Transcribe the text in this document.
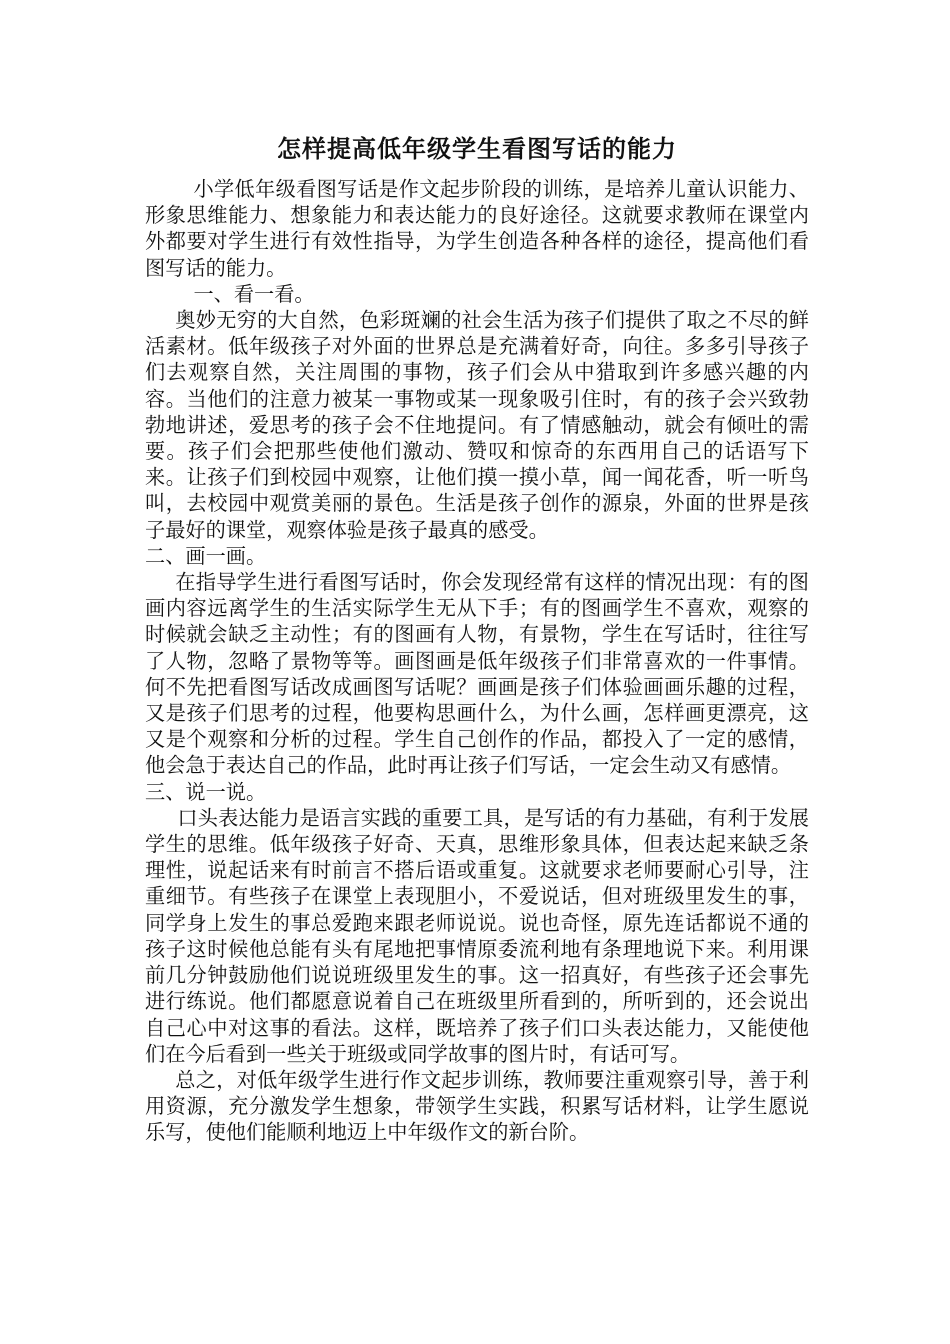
怎样提高低年级学生看图写话的能力

小学低年级看图写话是作文起步阶段的训练，是培养儿童认识能力、形象思维能力、想象能力和表达能力的良好途径。这就要求教师在课堂内外都要对学生进行有效性指导，为学生创造各种各样的途径，提高他们看图写话的能力。

一、看一看。

奥妙无穷的大自然，色彩斑斓的社会生活为孩子们提供了取之不尽的鲜活素材。低年级孩子对外面的世界总是充满着好奇，向往。多多引导孩子们去观察自然，关注周围的事物，孩子们会从中猎取到许多感兴趣的内容。当他们的注意力被某一事物或某一现象吸引住时，有的孩子会兴致勃勃地讲述，爱思考的孩子会不住地提问。有了情感触动，就会有倾吐的需要。孩子们会把那些使他们激动、赞叹和惊奇的东西用自己的话语写下来。让孩子们到校园中观察，让他们摸一摸小草，闻一闻花香，听一听鸟叫，去校园中观赏美丽的景色。生活是孩子创作的源泉，外面的世界是孩子最好的课堂，观察体验是孩子最真的感受。

二、画一画。

在指导学生进行看图写话时，你会发现经常有这样的情况出现：有的图画内容远离学生的生活实际学生无从下手；有的图画学生不喜欢，观察的时候就会缺乏主动性；有的图画有人物，有景物，学生在写话时，往往写了人物，忽略了景物等等。画图画是低年级孩子们非常喜欢的一件事情。何不先把看图写话改成画图写话呢？画画是孩子们体验画画乐趣的过程，又是孩子们思考的过程，他要构思画什么，为什么画，怎样画更漂亮，这又是个观察和分析的过程。学生自己创作的作品，都投入了一定的感情，他会急于表达自己的作品，此时再让孩子们写话，一定会生动又有感情。

三、说一说。

口头表达能力是语言实践的重要工具，是写话的有力基础，有利于发展学生的思维。低年级孩子好奇、天真，思维形象具体，但表达起来缺乏条理性，说起话来有时前言不搭后语或重复。这就要求老师要耐心引导，注重细节。有些孩子在课堂上表现胆小，不爱说话，但对班级里发生的事，同学身上发生的事总爱跑来跟老师说说。说也奇怪，原先连话都说不通的孩子这时候他总能有头有尾地把事情原委流利地有条理地说下来。利用课前几分钟鼓励他们说说班级里发生的事。这一招真好，有些孩子还会事先进行练说。他们都愿意说着自己在班级里所看到的，所听到的，还会说出自己心中对这事的看法。这样，既培养了孩子们口头表达能力，又能使他们在今后看到一些关于班级或同学故事的图片时，有话可写。

总之，对低年级学生进行作文起步训练，教师要注重观察引导，善于利用资源，充分激发学生想象，带领学生实践，积累写话材料，让学生愿说乐写，使他们能顺利地迈上中年级作文的新台阶。
